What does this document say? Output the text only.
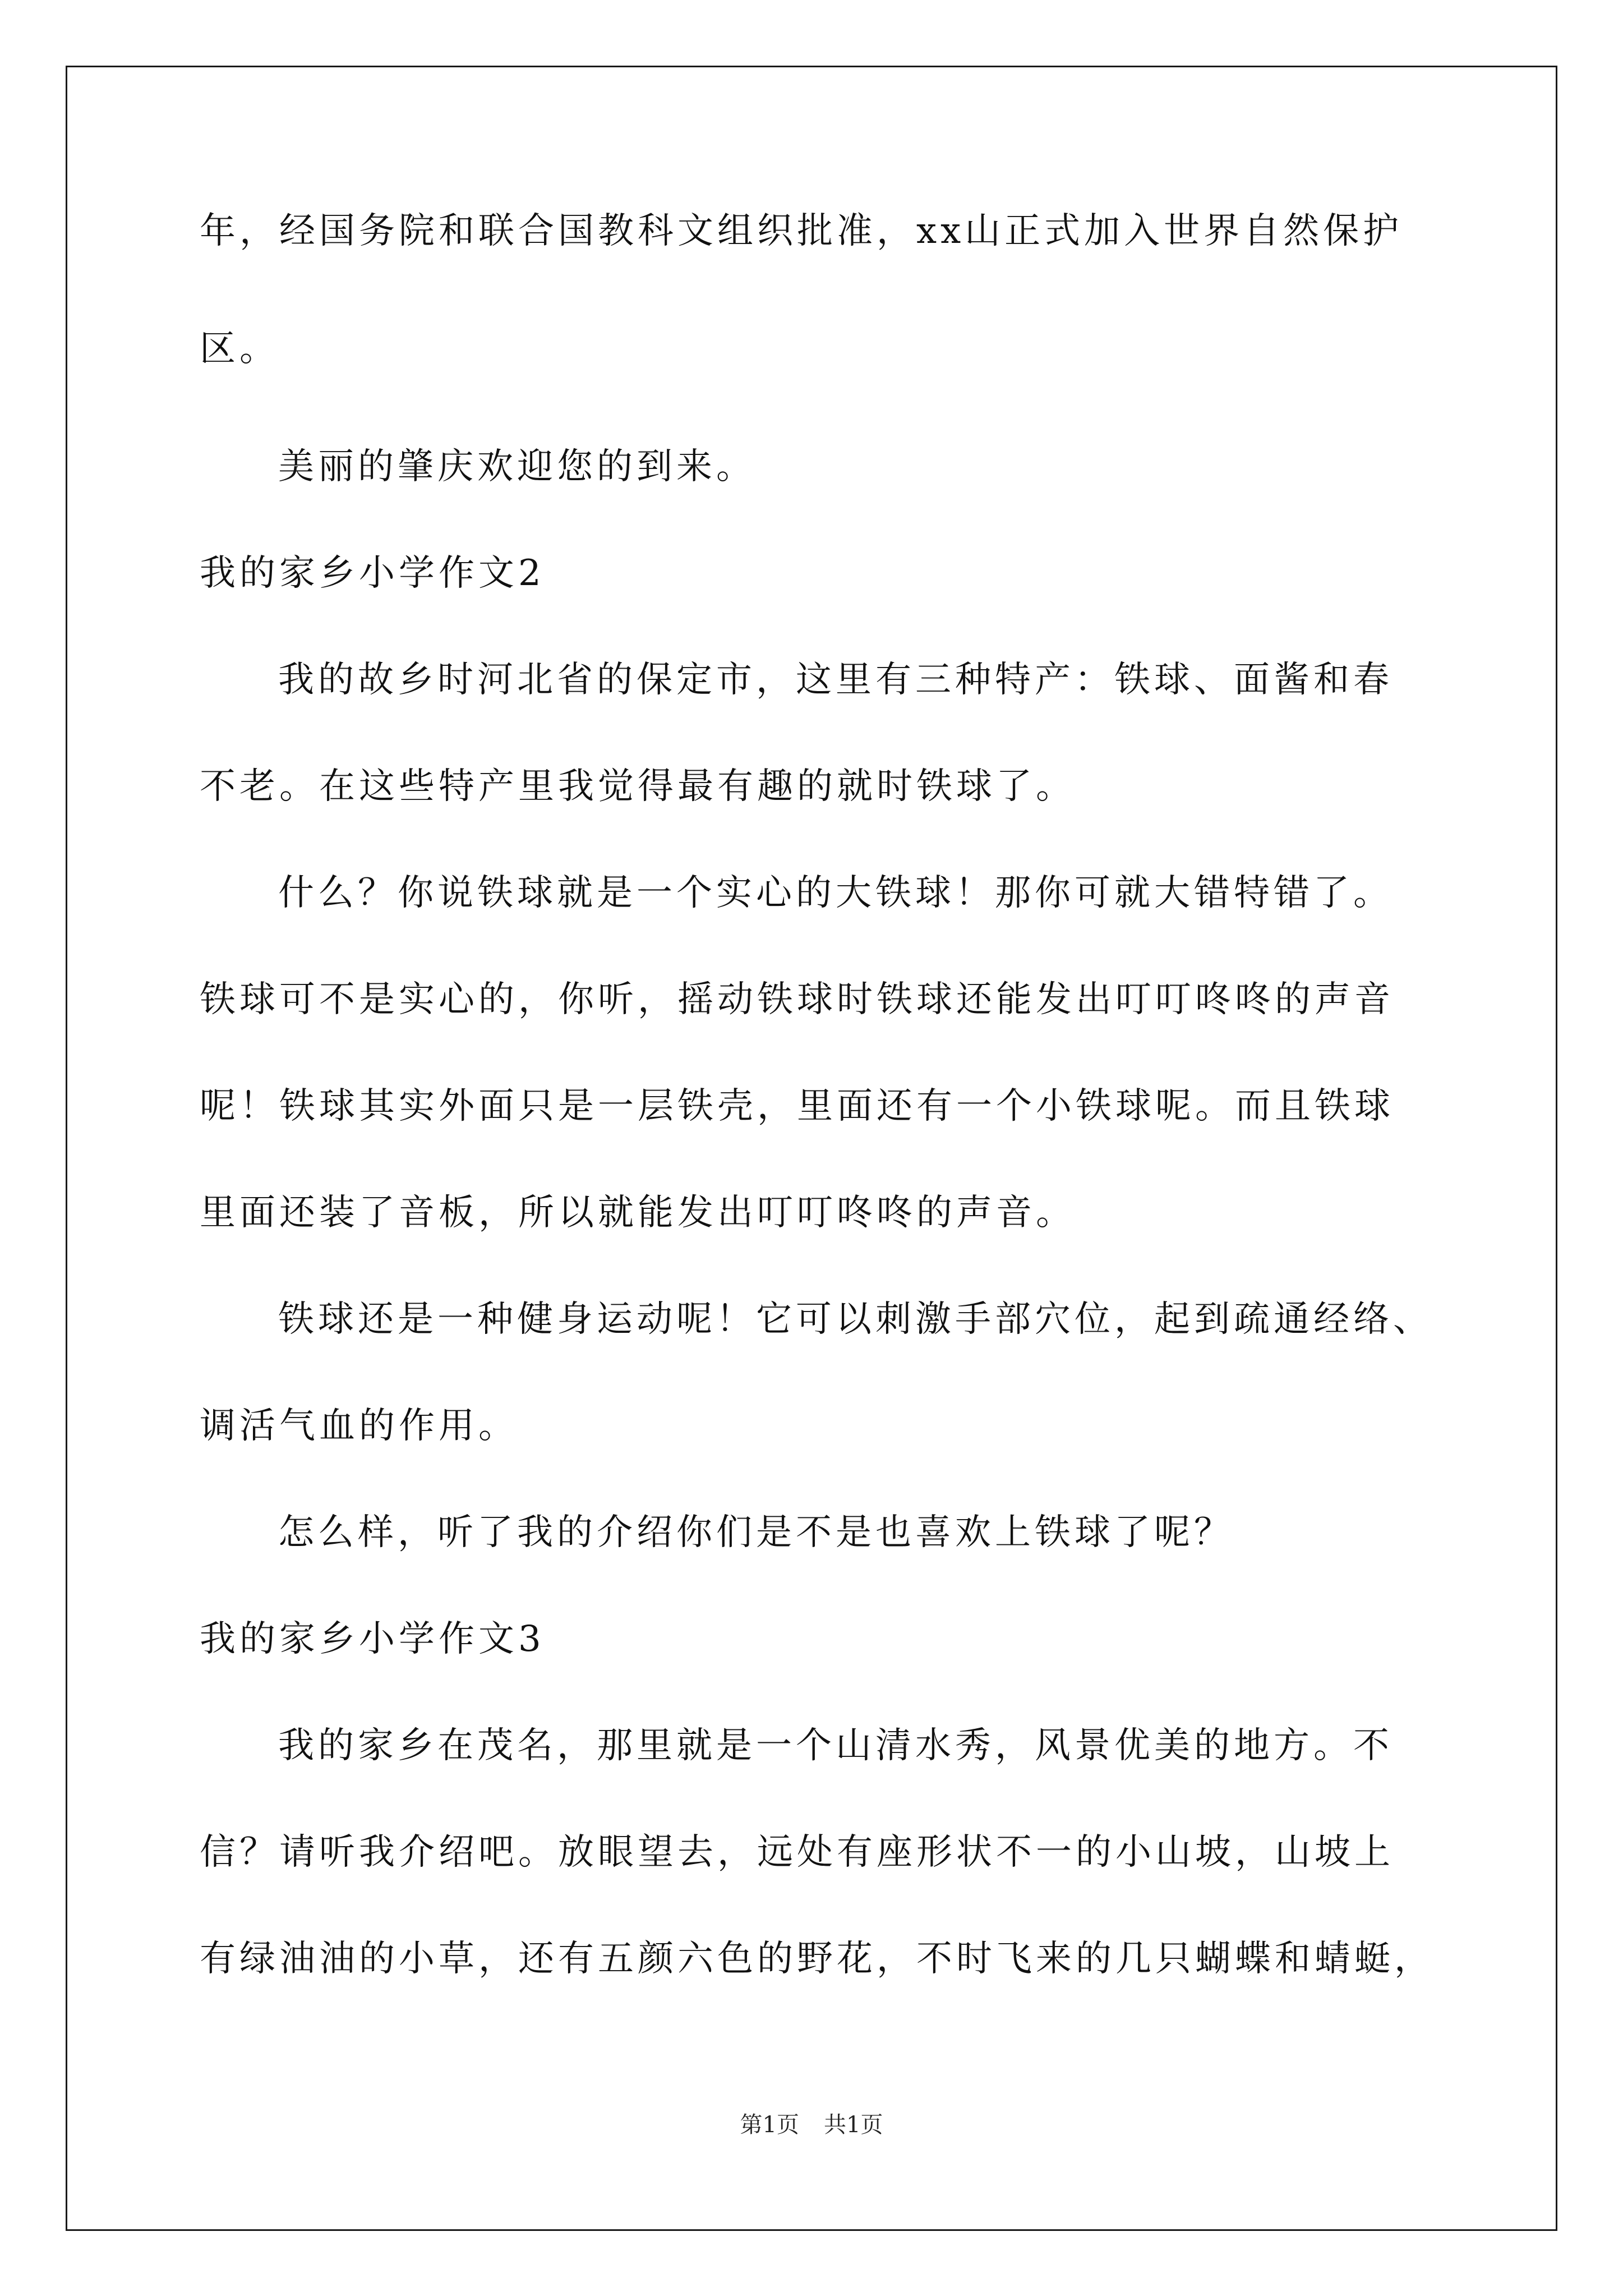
年，经国务院和联合国教科文组织批准，xx山正式加入世界自然保护
区。
美丽的肇庆欢迎您的到来。
我的家乡小学作文2
我的故乡时河北省的保定市，这里有三种特产：铁球、面酱和春
不老。在这些特产里我觉得最有趣的就时铁球了。
什么？你说铁球就是一个实心的大铁球！那你可就大错特错了。
铁球可不是实心的，你听，摇动铁球时铁球还能发出叮叮咚咚的声音
呢！铁球其实外面只是一层铁壳，里面还有一个小铁球呢。而且铁球
里面还装了音板，所以就能发出叮叮咚咚的声音。
铁球还是一种健身运动呢！它可以刺激手部穴位，起到疏通经络、
调活气血的作用。
怎么样，听了我的介绍你们是不是也喜欢上铁球了呢？
我的家乡小学作文3
我的家乡在茂名，那里就是一个山清水秀，风景优美的地方。不
信？请听我介绍吧。放眼望去，远处有座形状不一的小山坡，山坡上
有绿油油的小草，还有五颜六色的野花，不时飞来的几只蝴蝶和蜻蜓，
第1页 共1页
